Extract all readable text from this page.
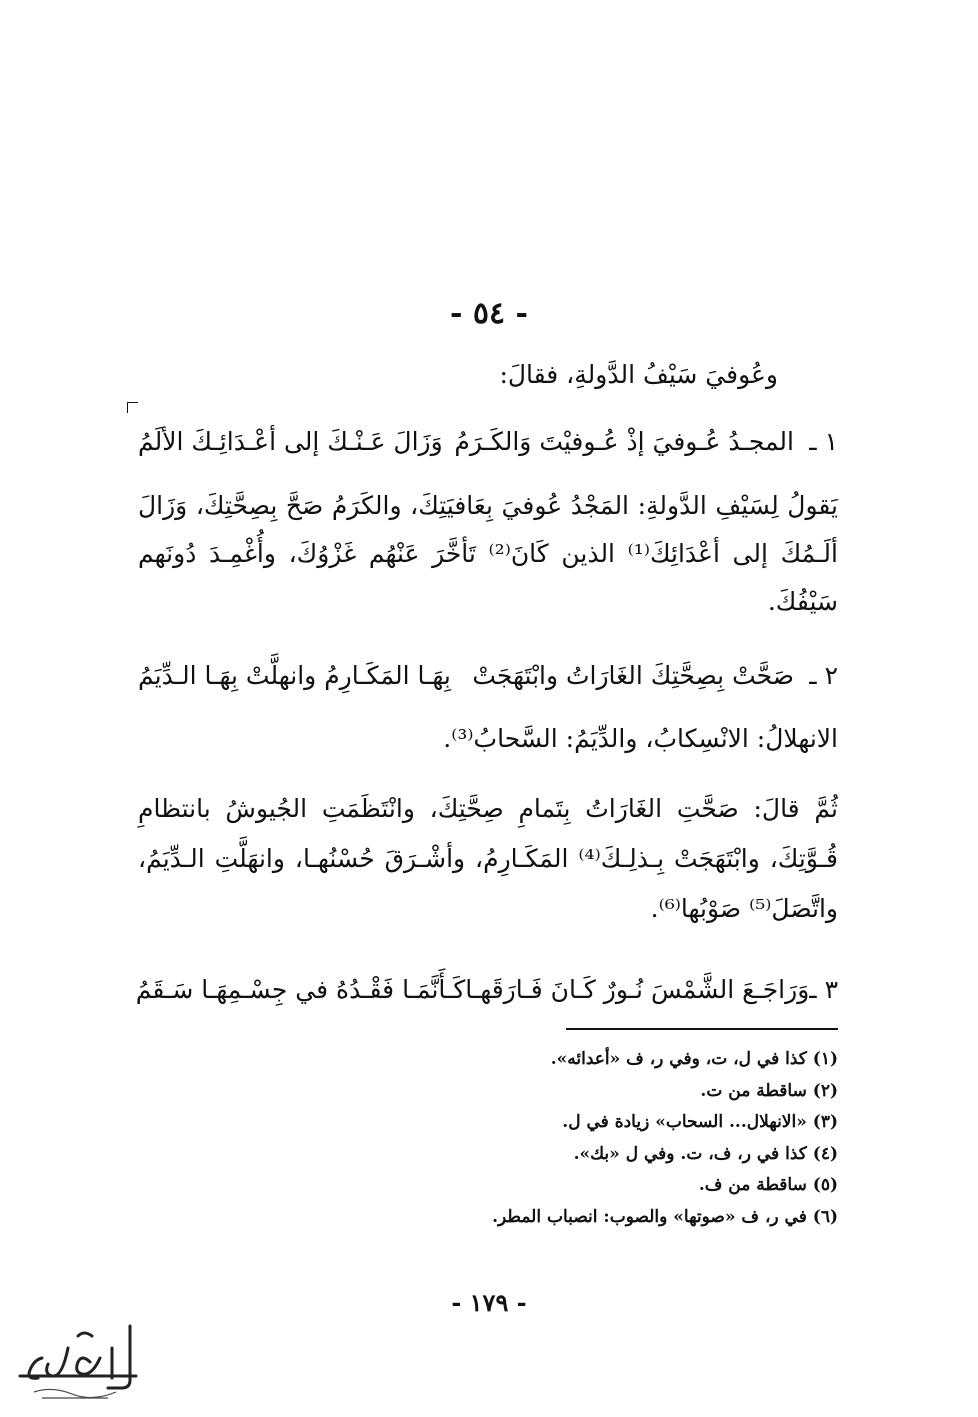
- ٥٤ -
وعُوفيَ سَيْفُ الدَّولةِ، فقالَ:
١ ـ
المجـدُ عُـوفيَ إذْ عُـوفيْتَ وَالكَـرَمُ
وَزَالَ عَـنْـكَ إلى أعْـدَائِـكَ الألَمُ
يَقولُ لِسَيْفِ الدَّولةِ: المَجْدُ عُوفيَ بِعَافيَتِكَ، والكَرَمُ صَحَّ بِصِحَّتِكَ، وَزَالَ ألَـمُكَ إلى أعْدَائِكَ⁽¹⁾ الذين كَانَ⁽²⁾ تَأخَّرَ عَنْهُم غَزْوُكَ، وأُغْمِـدَ دُونَهم سَيْفُكَ.
٢ ـ
صَحَّتْ بِصِحَّتِكَ الغَارَاتُ وابْتَهَجَتْ
بِهَـا المَكَـارِمُ وانهلَّتْ بِهَـا الـدِّيَمُ
الانهلالُ: الانْسِكابُ، والدِّيَمُ: السَّحابُ⁽³⁾.
ثُمَّ قالَ: صَحَّتِ الغَارَاتُ بِتَمامِ صِحَّتِكَ، وانْتَظَمَتِ الجُيوشُ بانتظامِ قُـوَّتِكَ، وابْتَهَجَتْ بِـذلِـكَ⁽⁴⁾ المَكَـارِمُ، وأشْـرَقَ حُسْنُهـا، وانهَلَّتِ الـدِّيَمُ، واتَّصَلَ⁽⁵⁾ صَوْبُها⁽⁶⁾.
٣ ـ
وَرَاجَـعَ الشَّمْسَ نُـورٌ كَـانَ فَـارَقَهـا
كَـأَنَّمَـا فَقْـدُهُ في جِسْـمِهَـا سَـقَمُ
(١) كذا في ل، ت، وفي ر، ف «أعدائه».
(٢) ساقطة من ت.
(٣) «الانهلال... السحاب» زيادة في ل.
(٤) كذا في ر، ف، ت. وفي ل «بك».
(٥) ساقطة من ف.
(٦) في ر، ف «صوتها» والصوب: انصباب المطر.
- ١٧٩ -
